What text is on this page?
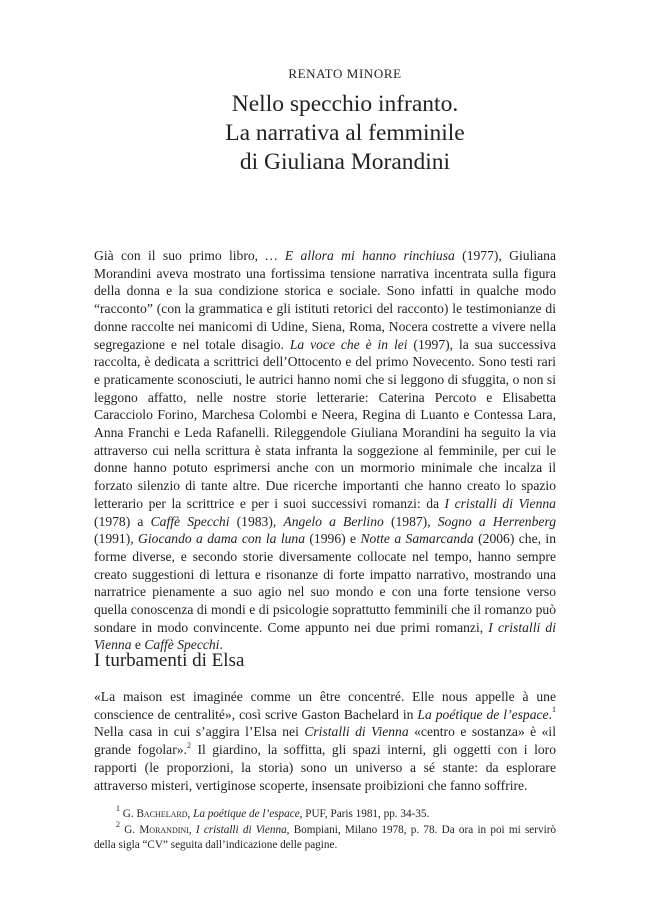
RENATO MINORE
Nello specchio infranto.
La narrativa al femminile
di Giuliana Morandini

Già con il suo primo libro, … E allora mi hanno rinchiusa (1977), Giuliana Morandini aveva mostrato una fortissima tensione narrativa incentrata sulla figura della donna e la sua condizione storica e sociale. Sono infatti in qualche modo “racconto” (con la grammatica e gli istituti retorici del racconto) le testimonianze di donne raccolte nei manicomi di Udine, Siena, Roma, Nocera costrette a vivere nella segregazione e nel totale disagio. La voce che è in lei (1997), la sua successiva raccolta, è dedicata a scrittrici dell’Ottocento e del primo Novecento. Sono testi rari e praticamente sconosciuti, le autrici hanno nomi che si leggono di sfuggita, o non si leggono affatto, nelle nostre storie letterarie: Caterina Percoto e Elisabetta Caracciolo Forino, Marchesa Colombi e Neera, Regina di Luanto e Contessa Lara, Anna Franchi e Leda Rafanelli. Rileggendole Giuliana Morandini ha seguito la via attraverso cui nella scrittura è stata infranta la soggezione al femminile, per cui le donne hanno potuto esprimersi anche con un mormorio minimale che incalza il forzato silenzio di tante altre. Due ricerche importanti che hanno creato lo spazio letterario per la scrittrice e per i suoi successivi romanzi: da I cristalli di Vienna (1978) a Caffè Specchi (1983), Angelo a Berlino (1987), Sogno a Herrenberg (1991), Giocando a dama con la luna (1996) e Notte a Samarcanda (2006) che, in forme diverse, e secondo storie diversamente collocate nel tempo, hanno sempre creato suggestioni di lettura e risonanze di forte impatto narrativo, mostrando una narratrice pienamente a suo agio nel suo mondo e con una forte tensione verso quella conoscenza di mondi e di psicologie soprattutto femminili che il romanzo può sondare in modo convincente. Come appunto nei due primi romanzi, I cristalli di Vienna e Caffè Specchi.

I turbamenti di Elsa

«La maison est imaginée comme un être concentré. Elle nous appelle à une conscience de centralité», così scrive Gaston Bachelard in La poétique de l’espace.$^1$ Nella casa in cui s’aggira l’Elsa nei Cristalli di Vienna «centro e sostanza» è «il grande fogolar».$^2$ Il giardino, la soffitta, gli spazi interni, gli oggetti con i loro rapporti (le proporzioni, la storia) sono un universo a sé stante: da esplorare attraverso misteri, vertiginose scoperte, insensate proibizioni che fanno soffrire.

$^1$ G. Bachelard, La poétique de l’espace, PUF, Paris 1981, pp. 34-35.

$^2$ G. Morandini, I cristalli di Vienna, Bompiani, Milano 1978, p. 78. Da ora in poi mi servirò della sigla “CV” seguita dall’indicazione delle pagine.
